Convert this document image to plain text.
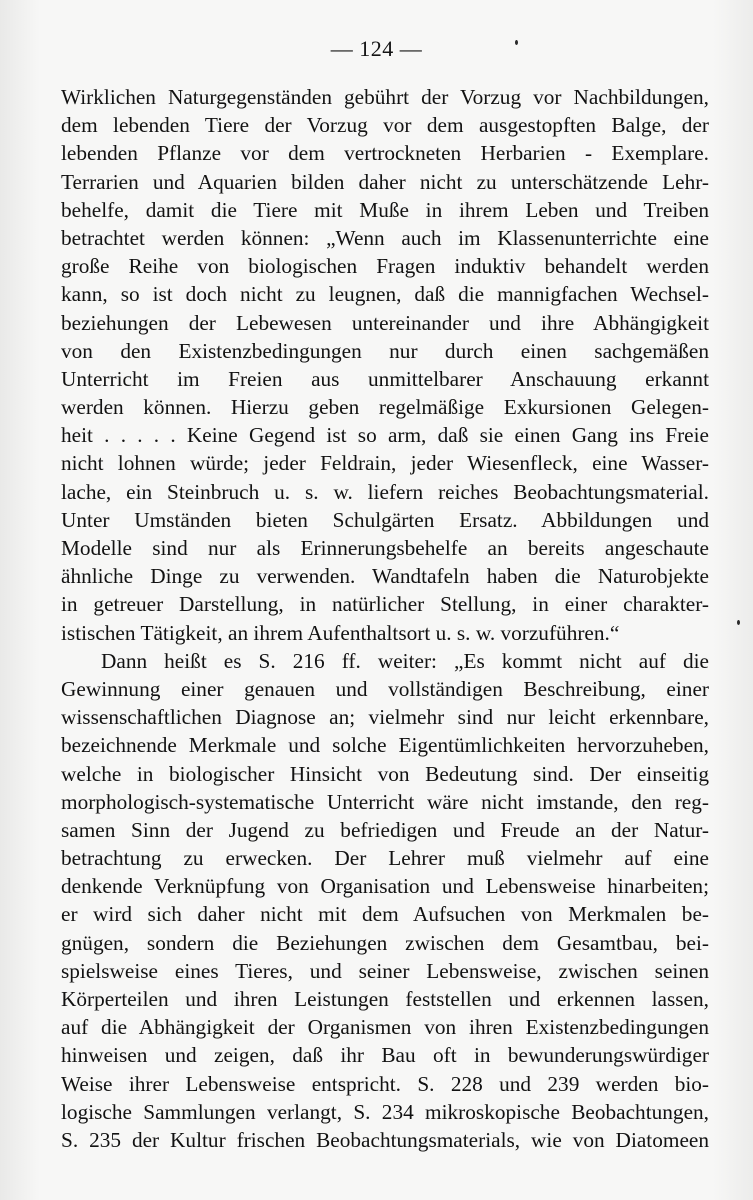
— 124 —
Wirklichen Naturgegenständen gebührt der Vorzug vor Nachbildungen,
dem lebenden Tiere der Vorzug vor dem ausgestopften Balge, der
lebenden Pflanze vor dem vertrockneten Herbarien - Exemplare.
Terrarien und Aquarien bilden daher nicht zu unterschätzende Lehr-
behelfe, damit die Tiere mit Muße in ihrem Leben und Treiben
betrachtet werden können: „Wenn auch im Klassenunterrichte eine
große Reihe von biologischen Fragen induktiv behandelt werden
kann, so ist doch nicht zu leugnen, daß die mannigfachen Wechsel-
beziehungen der Lebewesen untereinander und ihre Abhängigkeit
von den Existenzbedingungen nur durch einen sachgemäßen
Unterricht im Freien aus unmittelbarer Anschauung erkannt
werden können. Hierzu geben regelmäßige Exkursionen Gelegen-
heit . . . . . Keine Gegend ist so arm, daß sie einen Gang ins Freie
nicht lohnen würde; jeder Feldrain, jeder Wiesenfleck, eine Wasser-
lache, ein Steinbruch u. s. w. liefern reiches Beobachtungsmaterial.
Unter Umständen bieten Schulgärten Ersatz. Abbildungen und
Modelle sind nur als Erinnerungsbehelfe an bereits angeschaute
ähnliche Dinge zu verwenden. Wandtafeln haben die Naturobjekte
in getreuer Darstellung, in natürlicher Stellung, in einer charakter-
istischen Tätigkeit, an ihrem Aufenthaltsort u. s. w. vorzuführen.“
Dann heißt es S. 216 ff. weiter: „Es kommt nicht auf die
Gewinnung einer genauen und vollständigen Beschreibung, einer
wissenschaftlichen Diagnose an; vielmehr sind nur leicht erkennbare,
bezeichnende Merkmale und solche Eigentümlichkeiten hervorzuheben,
welche in biologischer Hinsicht von Bedeutung sind. Der einseitig
morphologisch-systematische Unterricht wäre nicht imstande, den reg-
samen Sinn der Jugend zu befriedigen und Freude an der Natur-
betrachtung zu erwecken. Der Lehrer muß vielmehr auf eine
denkende Verknüpfung von Organisation und Lebensweise hinarbeiten;
er wird sich daher nicht mit dem Aufsuchen von Merkmalen be-
gnügen, sondern die Beziehungen zwischen dem Gesamtbau, bei-
spielsweise eines Tieres, und seiner Lebensweise, zwischen seinen
Körperteilen und ihren Leistungen feststellen und erkennen lassen,
auf die Abhängigkeit der Organismen von ihren Existenzbedingungen
hinweisen und zeigen, daß ihr Bau oft in bewunderungswürdiger
Weise ihrer Lebensweise entspricht. S. 228 und 239 werden bio-
logische Sammlungen verlangt, S. 234 mikroskopische Beobachtungen,
S. 235 der Kultur frischen Beobachtungsmaterials, wie von Diatomeen
